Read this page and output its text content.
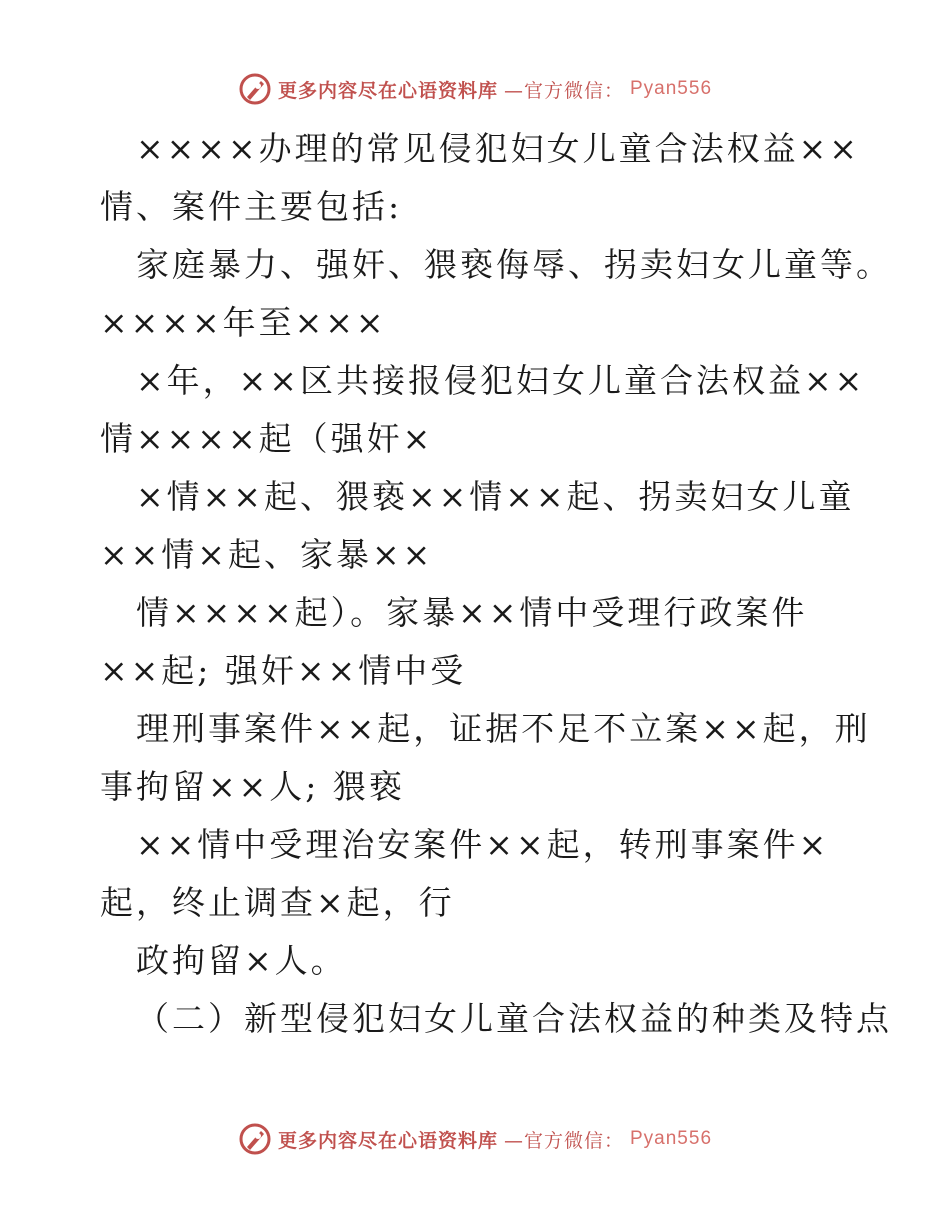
更多内容尽在心语资料库 —官方微信： Pyan556
××××办理的常见侵犯妇女儿童合法权益××
情、案件主要包括:
家庭暴力、强奸、猥亵侮辱、拐卖妇女儿童等。
××××年至×××
×年，××区共接报侵犯妇女儿童合法权益××
情××××起（强奸×
×情××起、猥亵××情××起、拐卖妇女儿童
××情×起、家暴××
情××××起）。家暴××情中受理行政案件
××起; 强奸××情中受
理刑事案件××起，证据不足不立案××起，刑
事拘留××人; 猥亵
××情中受理治安案件××起，转刑事案件×
起，终止调查×起，行
政拘留×人。
（二）新型侵犯妇女儿童合法权益的种类及特点
更多内容尽在心语资料库 —官方微信： Pyan556
